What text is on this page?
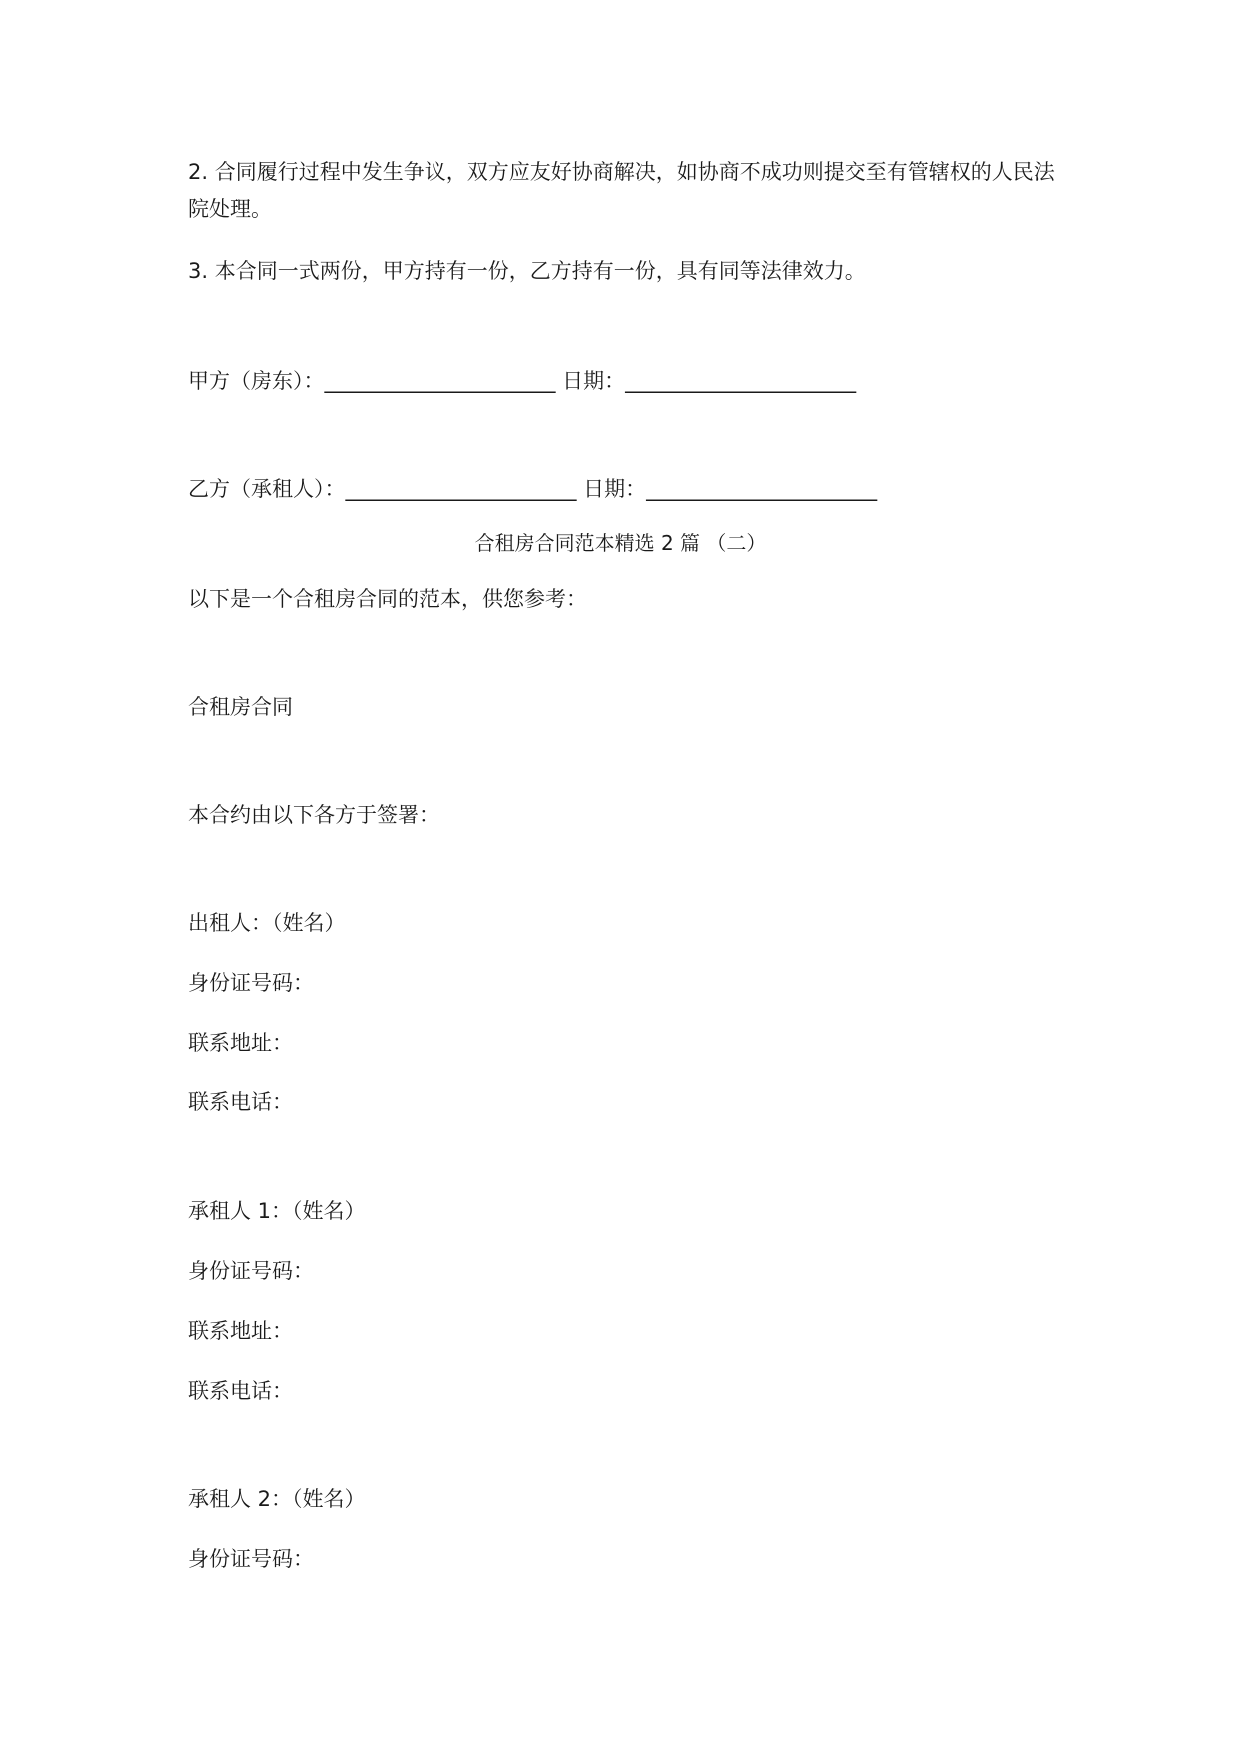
2. 合同履行过程中发生争议，双方应友好协商解决，如协商不成功则提交至有管辖权的人民法院处理。
3. 本合同一式两份，甲方持有一份，乙方持有一份，具有同等法律效力。
甲方（房东）：______________________ 日期：______________________
乙方（承租人）：______________________ 日期：______________________
合租房合同范本精选 2 篇 （二）
以下是一个合租房合同的范本，供您参考：
合租房合同
本合约由以下各方于签署：
出租人：（姓名）
身份证号码：
联系地址：
联系电话：
承租人 1：（姓名）
身份证号码：
联系地址：
联系电话：
承租人 2：（姓名）
身份证号码：
